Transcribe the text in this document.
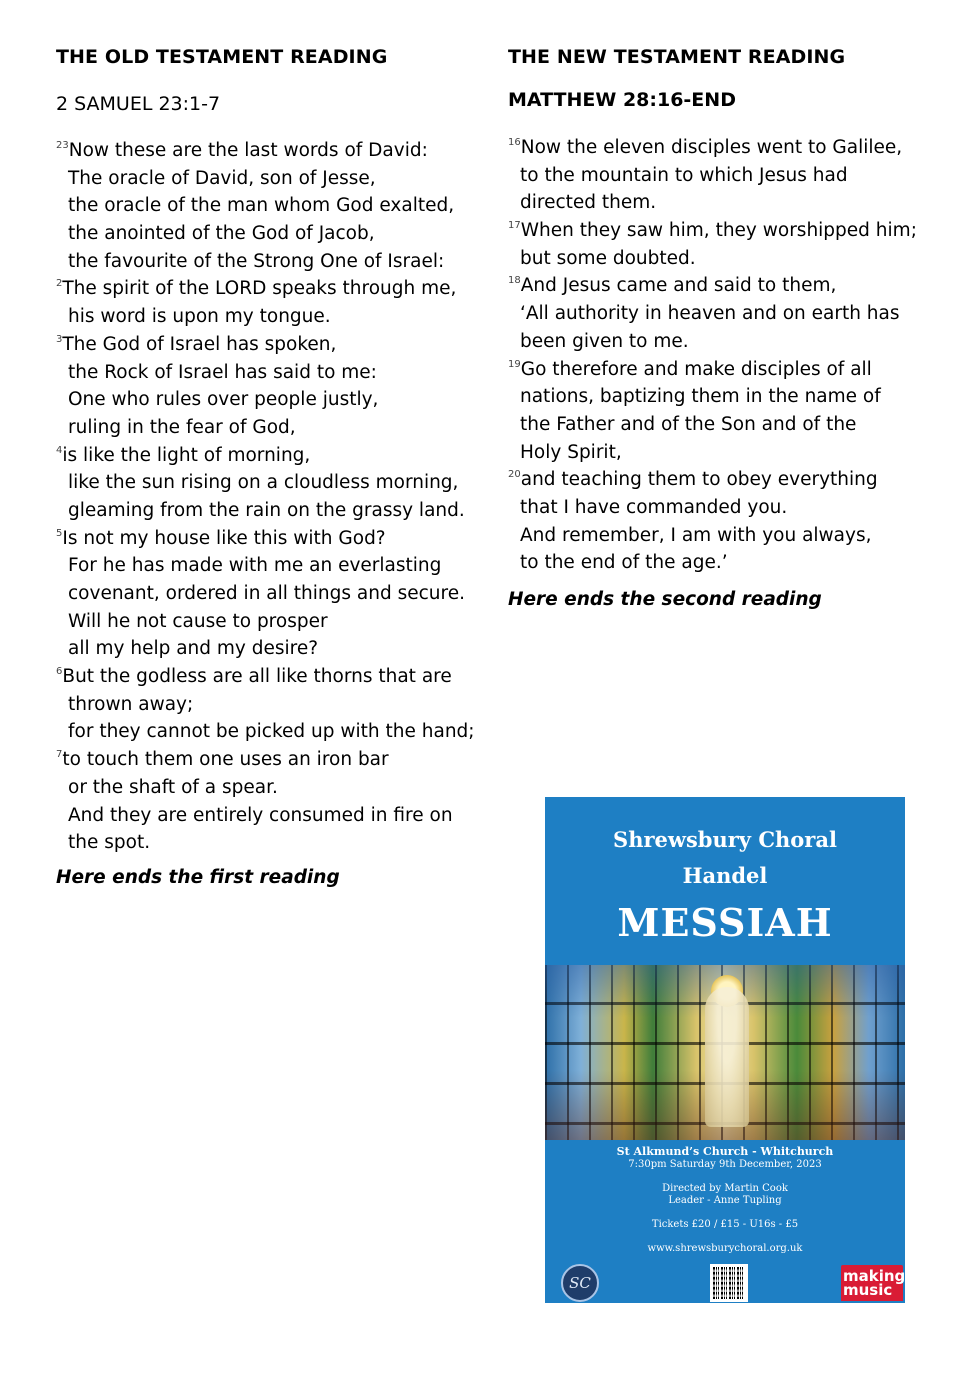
THE OLD TESTAMENT READING

2 SAMUEL 23:1-7

23Now these are the last words of David:
The oracle of David, son of Jesse,
the oracle of the man whom God exalted,
the anointed of the God of Jacob,
the favourite of the Strong One of Israel:
2The spirit of the LORD speaks through me,
his word is upon my tongue.
3The God of Israel has spoken,
the Rock of Israel has said to me:
One who rules over people justly,
ruling in the fear of God,
4is like the light of morning,
like the sun rising on a cloudless morning,
gleaming from the rain on the grassy land.
5Is not my house like this with God?
For he has made with me an everlasting
covenant, ordered in all things and secure.
Will he not cause to prosper
all my help and my desire?
6But the godless are all like thorns that are
thrown away;
for they cannot be picked up with the hand;
7to touch them one uses an iron bar
or the shaft of a spear.
And they are entirely consumed in fire on
the spot.

Here ends the first reading

THE NEW TESTAMENT READING

MATTHEW 28:16-END

16Now the eleven disciples went to Galilee,
to the mountain to which Jesus had
directed them.
17When they saw him, they worshipped him;
but some doubted.
18And Jesus came and said to them,
‘All authority in heaven and on earth has
been given to me.
19Go therefore and make disciples of all
nations, baptizing them in the name of
the Father and of the Son and of the
Holy Spirit,
20and teaching them to obey everything
that I have commanded you.
And remember, I am with you always,
to the end of the age.’

Here ends the second reading

Shrewsbury Choral

Handel

MESSIAH

St Alkmund’s Church - Whitchurch

7:30pm Saturday 9th December, 2023

Directed by Martin Cook

Leader - Anne Tupling

Tickets £20 / £15 - U16s - £5

www.shrewsburychoral.org.uk

SC	making
music
